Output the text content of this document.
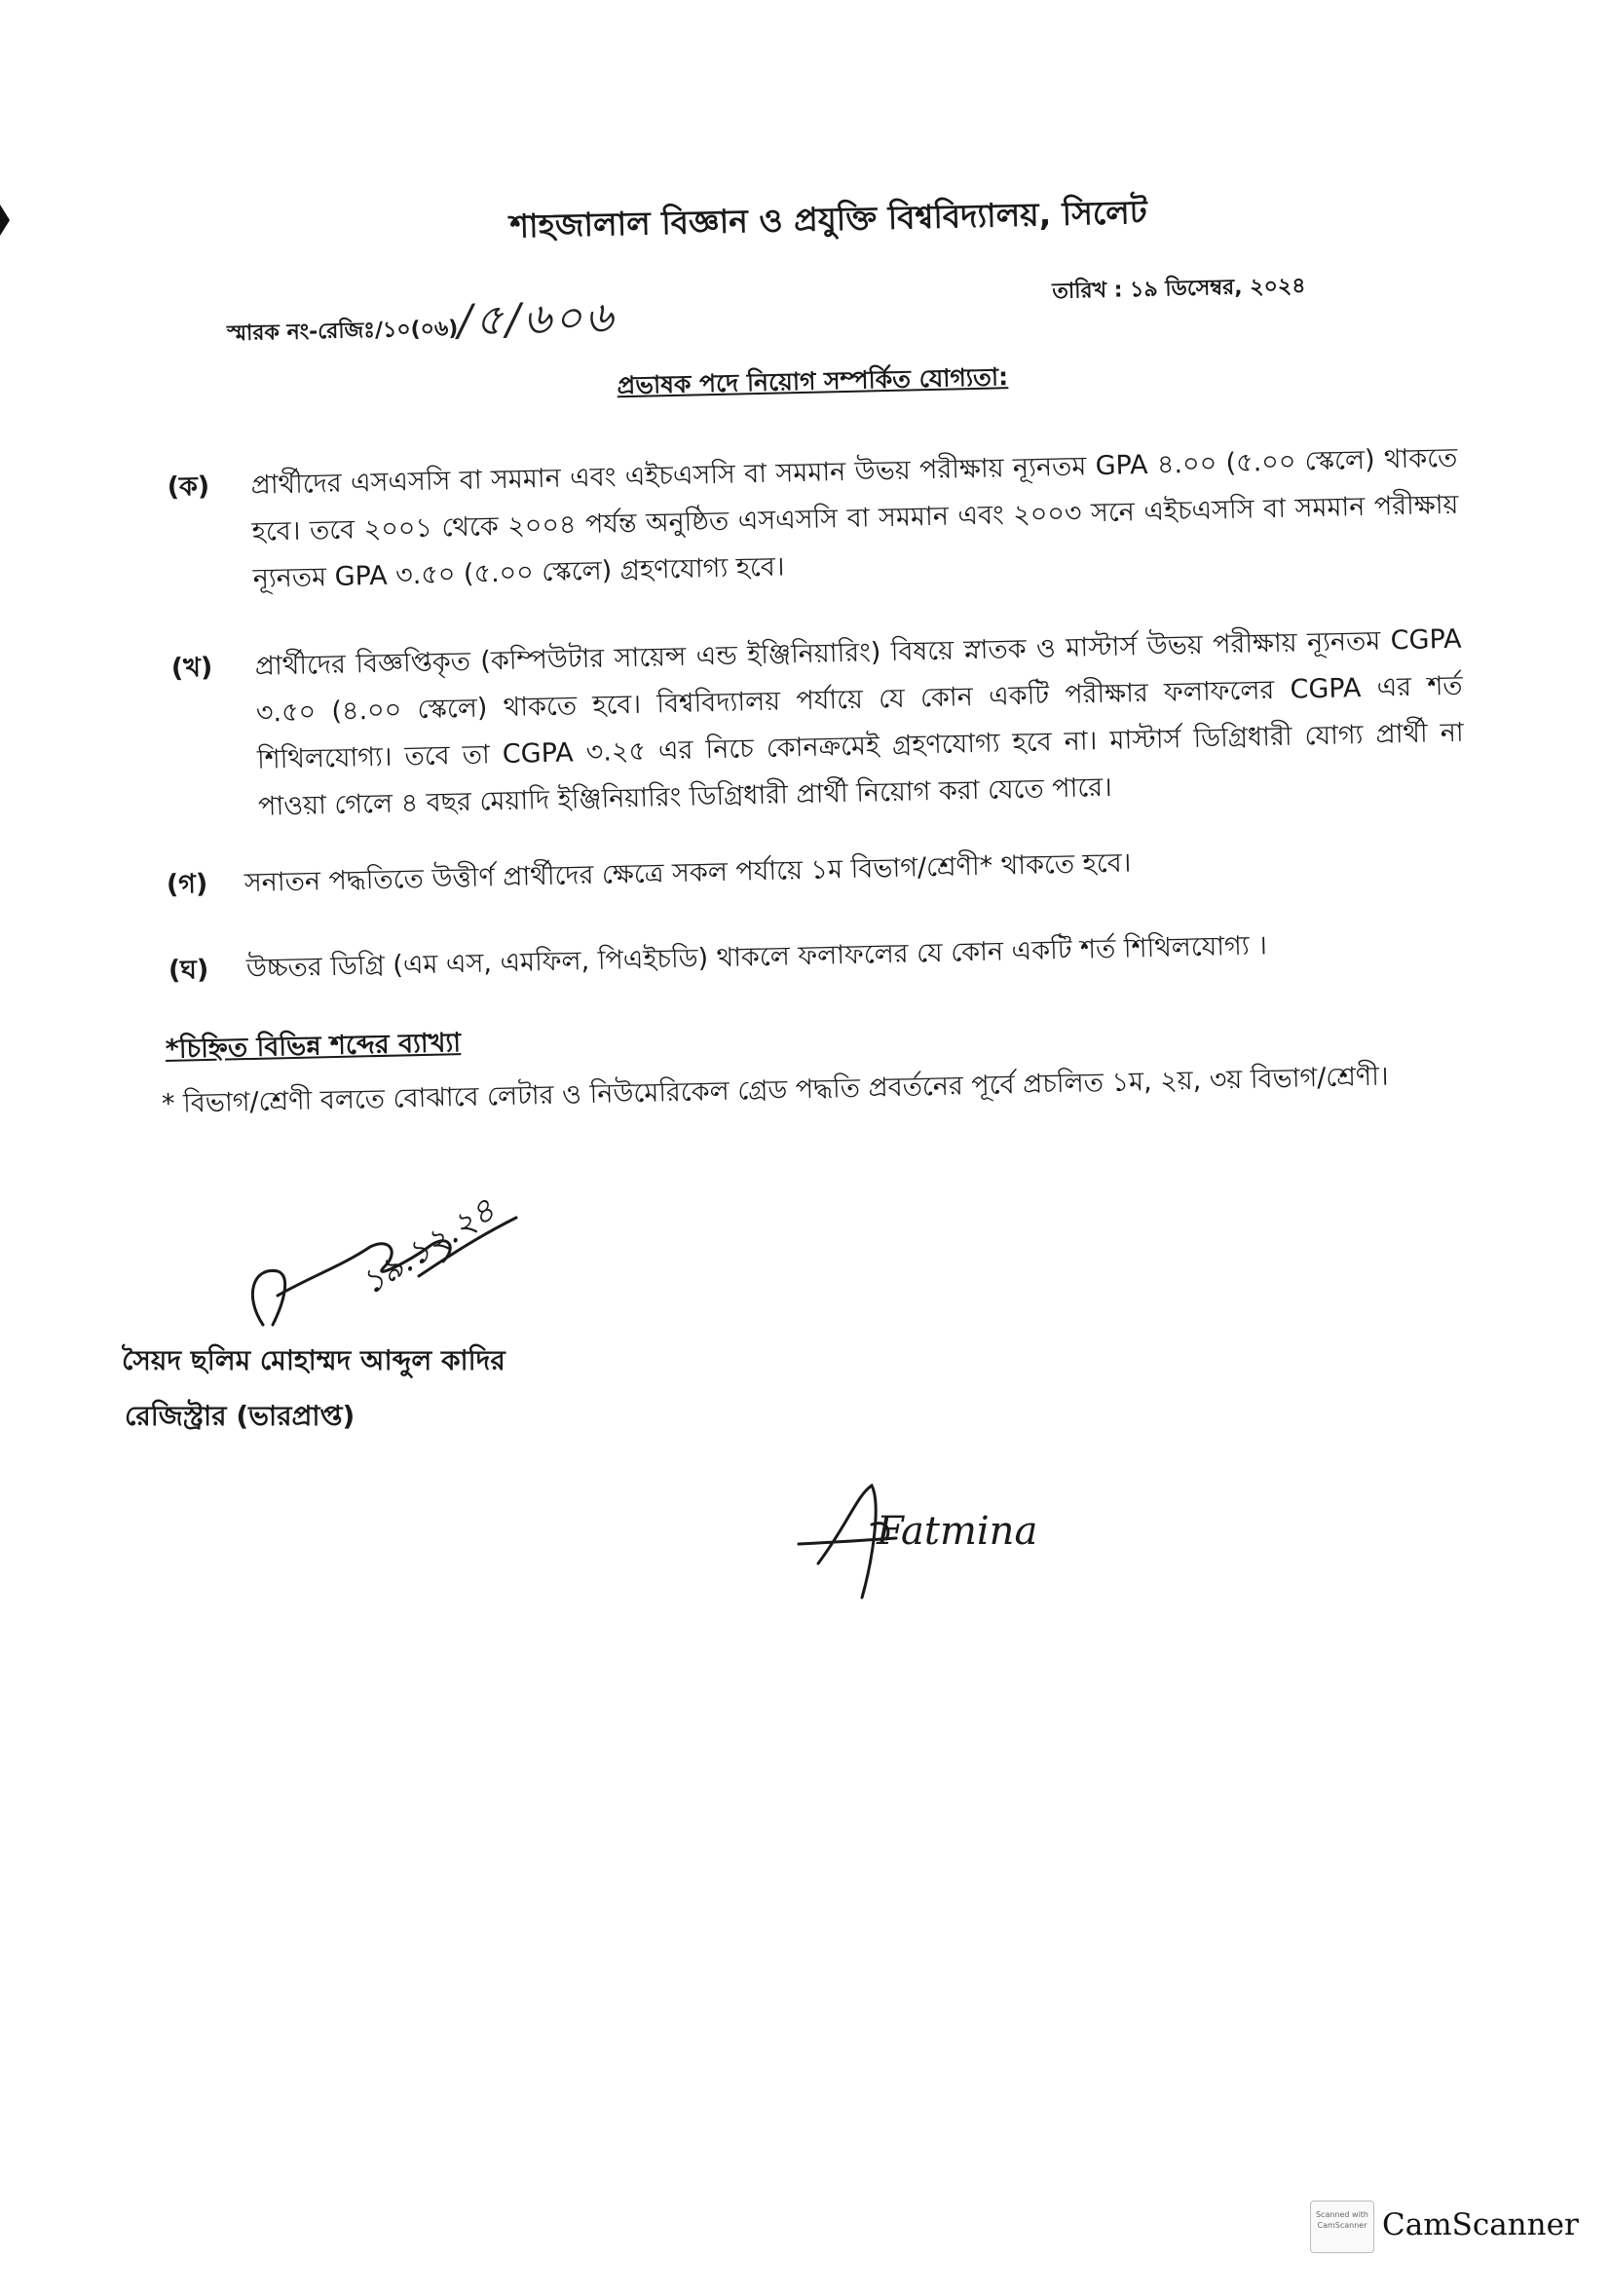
শাহজালাল বিজ্ঞান ও প্রযুক্তি বিশ্ববিদ্যালয়, সিলেট
স্মারক নং-রেজিঃ/১০(০৬)/৫/৬০৬
তারিখ : ১৯ ডিসেম্বর, ২০২৪
প্রভাষক পদে নিয়োগ সম্পর্কিত যোগ্যতা:
(ক) প্রার্থীদের এসএসসি বা সমমান এবং এইচএসসি বা সমমান উভয় পরীক্ষায় ন্যূনতম GPA ৪.০০ (৫.০০ স্কেলে) থাকতে হবে। তবে ২০০১ থেকে ২০০৪ পর্যন্ত অনুষ্ঠিত এসএসসি বা সমমান এবং ২০০৩ সনে এইচএসসি বা সমমান পরীক্ষায় ন্যূনতম GPA ৩.৫০ (৫.০০ স্কেলে) গ্রহণযোগ্য হবে।
(খ) প্রার্থীদের বিজ্ঞপ্তিকৃত (কম্পিউটার সায়েন্স এন্ড ইঞ্জিনিয়ারিং) বিষয়ে স্নাতক ও মাস্টার্স উভয় পরীক্ষায় ন্যূনতম CGPA ৩.৫০ (৪.০০ স্কেলে) থাকতে হবে। বিশ্ববিদ্যালয় পর্যায়ে যে কোন একটি পরীক্ষার ফলাফলের CGPA এর শর্ত শিথিলযোগ্য। তবে তা CGPA ৩.২৫ এর নিচে কোনক্রমেই গ্রহণযোগ্য হবে না। মাস্টার্স ডিগ্রিধারী যোগ্য প্রার্থী না পাওয়া গেলে ৪ বছর মেয়াদি ইঞ্জিনিয়ারিং ডিগ্রিধারী প্রার্থী নিয়োগ করা যেতে পারে।
(গ) সনাতন পদ্ধতিতে উত্তীর্ণ প্রার্থীদের ক্ষেত্রে সকল পর্যায়ে ১ম বিভাগ/শ্রেণী* থাকতে হবে।
(ঘ) উচ্চতর ডিগ্রি (এম এস, এমফিল, পিএইচডি) থাকলে ফলাফলের যে কোন একটি শর্ত শিথিলযোগ্য ।
*চিহ্নিত বিভিন্ন শব্দের ব্যাখ্যা
* বিভাগ/শ্রেণী বলতে বোঝাবে লেটার ও নিউমেরিকেল গ্রেড পদ্ধতি প্রবর্তনের পূর্বে প্রচলিত ১ম, ২য়, ৩য় বিভাগ/শ্রেণী।
১৯.১২.২৪
সৈয়দ ছলিম মোহাম্মদ আব্দুল কাদির
রেজিস্ট্রার (ভারপ্রাপ্ত)
Fatmina
Scanned with
CamScanner CamScanner
